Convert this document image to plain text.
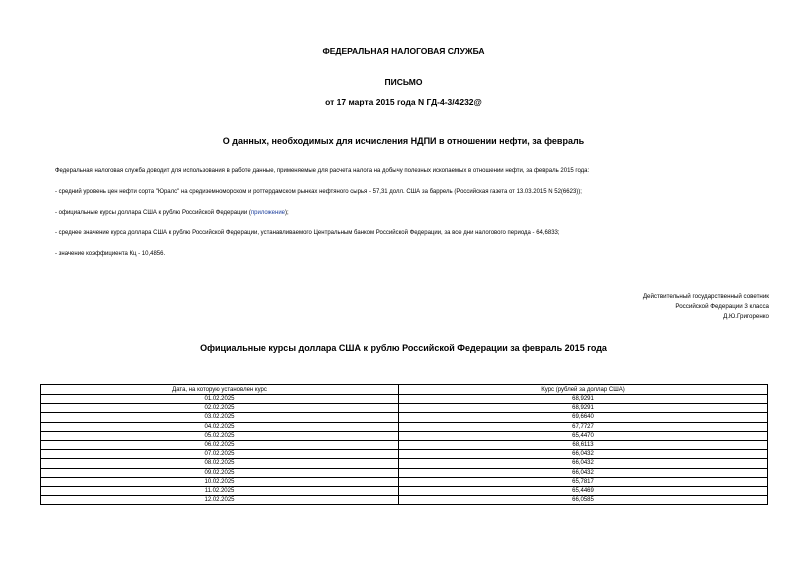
ФЕДЕРАЛЬНАЯ НАЛОГОВАЯ СЛУЖБА
ПИСЬМО
от 17 марта 2015 года N ГД-4-3/4232@
О данных, необходимых для исчисления НДПИ в отношении нефти, за февраль
Федеральная налоговая служба доводит для использования в работе данные, применяемые для расчета налога на добычу полезных ископаемых в отношении нефти, за февраль 2015 года:
- средний уровень цен нефти сорта "Юралс" на средиземноморском и роттердамском рынках нефтяного сырья - 57,31 долл. США за баррель (Российская газета от 13.03.2015 N 52(6623));
- официальные курсы доллара США к рублю Российской Федерации (приложение);
- среднее значение курса доллара США к рублю Российской Федерации, устанавливаемого Центральным банком Российской Федерации, за все дни налогового периода - 64,6833;
- значение коэффициента Кц - 10,4856.
Действительный государственный советник
Российской Федерации 3 класса
Д.Ю.Григоренко
Официальные курсы доллара США к рублю Российской Федерации за февраль 2015 года
Дата, на которую установлен курс	Курс (рублей за доллар США)
01.02.2025	68,9291
02.02.2025	68,9291
03.02.2025	69,6640
04.02.2025	67,7727
05.02.2025	65,4470
06.02.2025	68,6113
07.02.2025	66,0432
08.02.2025	66,0432
09.02.2025	66,0432
10.02.2025	65,7817
11.02.2025	65,4469
12.02.2025	66,0585
